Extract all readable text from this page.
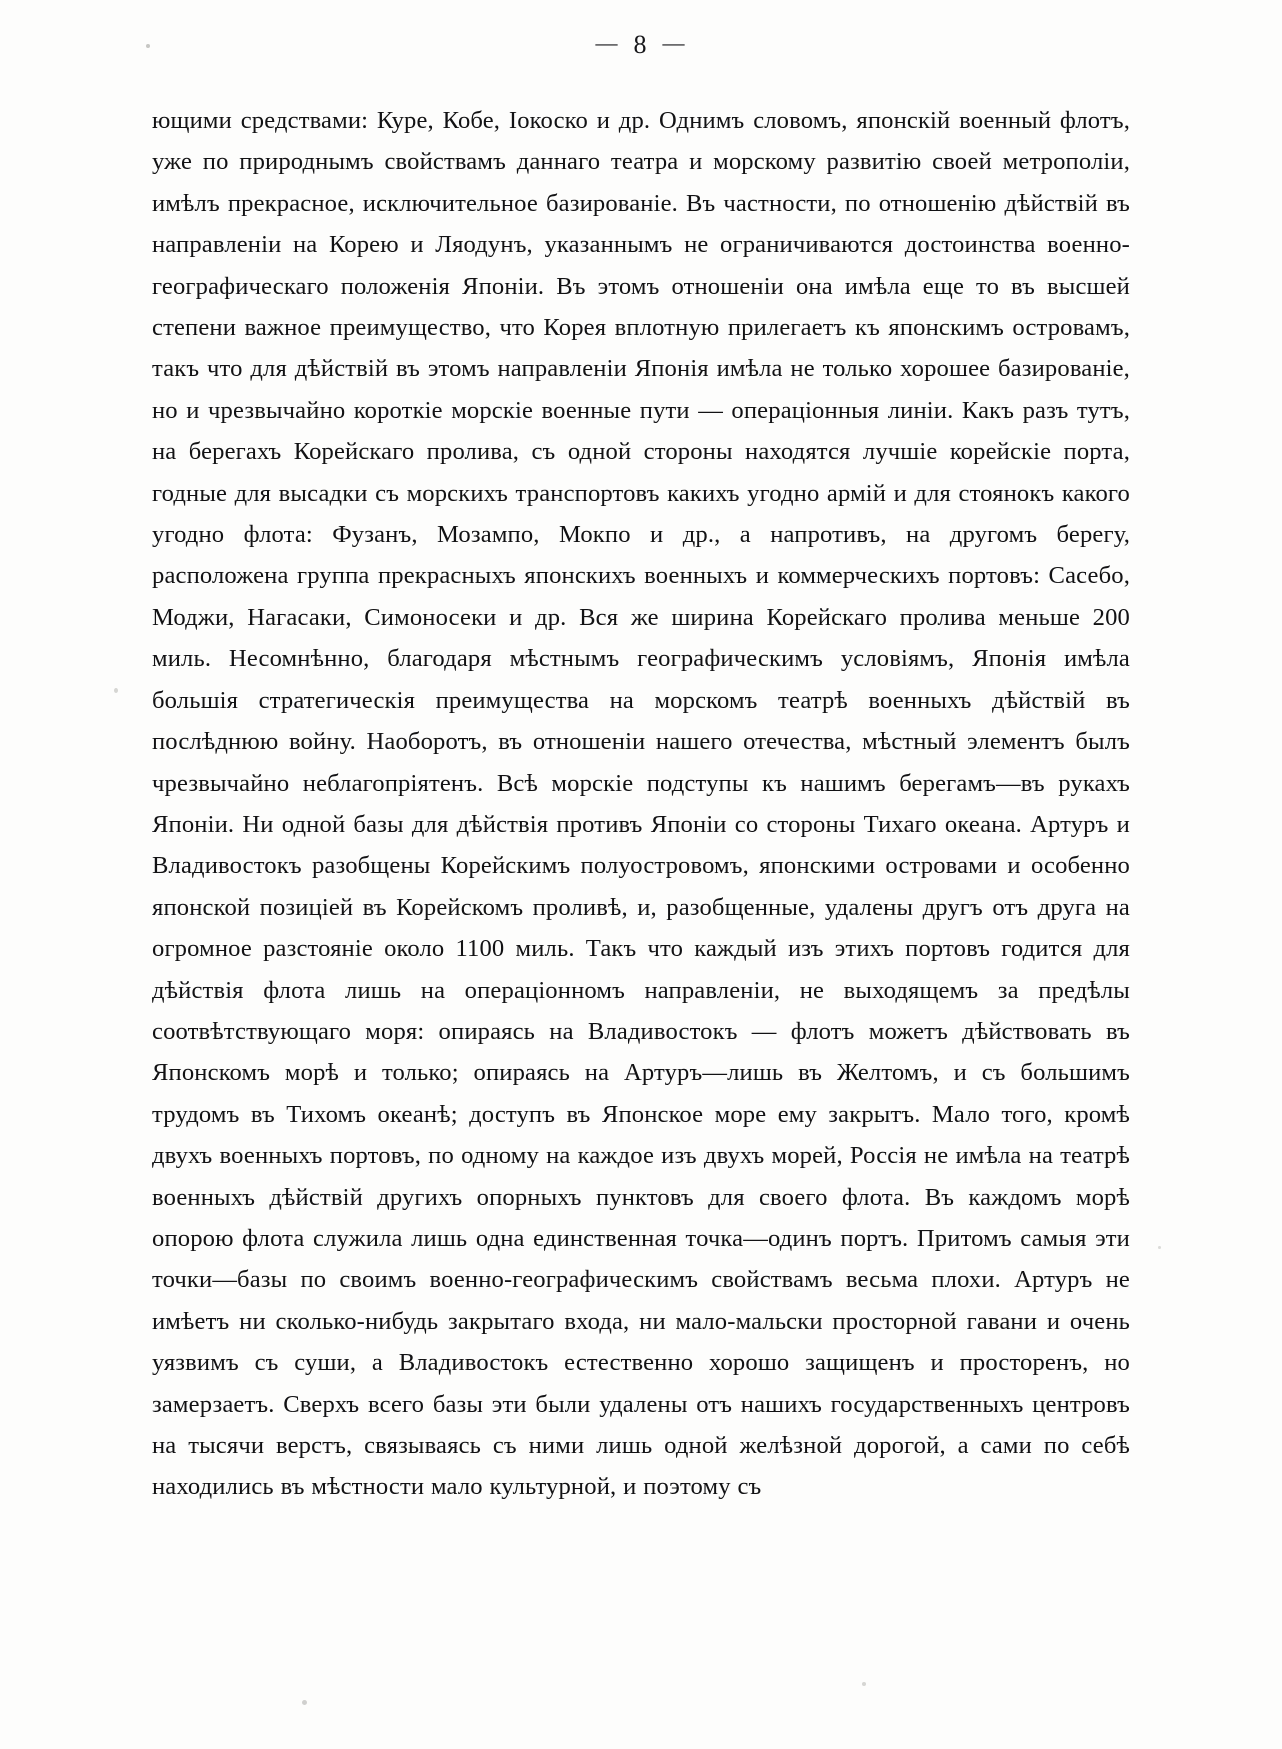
— 8 —

ющими средствами: Куре, Кобе, Іокоско и др. Однимъ словомъ, японскій военный флотъ, уже по природнымъ свойствамъ даннаго театра и морскому развитію своей метрополіи, имѣлъ прекрасное, исключительное базированіе. Въ частности, по отношенію дѣйствій въ направленіи на Корею и Ляодунъ, указаннымъ не ограничиваются достоинства военно-географическаго положенія Японіи. Въ этомъ отношеніи она имѣла еще то въ высшей степени важное преимущество, что Корея вплотную прилегаетъ къ японскимъ островамъ, такъ что для дѣйствій въ этомъ направленіи Японія имѣла не только хорошее базированіе, но и чрезвычайно короткіе морскіе военные пути — операціонныя линіи. Какъ разъ тутъ, на берегахъ Корейскаго пролива, съ одной стороны находятся лучшіе корейскіе порта, годные для высадки съ морскихъ транспортовъ какихъ угодно армій и для стоянокъ какого угодно флота: Фузанъ, Мозампо, Мокпо и др., а напротивъ, на другомъ берегу, расположена группа прекрасныхъ японскихъ военныхъ и коммерческихъ портовъ: Сасебо, Моджи, Нагасаки, Симоносеки и др. Вся же ширина Корейскаго пролива меньше 200 миль. Несомнѣнно, благодаря мѣстнымъ географическимъ условіямъ, Японія имѣла большія стратегическія преимущества на морскомъ театрѣ военныхъ дѣйствій въ послѣднюю войну. Наоборотъ, въ отношеніи нашего отечества, мѣстный элементъ былъ чрезвычайно неблагопріятенъ. Всѣ морскіе подступы къ нашимъ берегамъ—въ рукахъ Японіи. Ни одной базы для дѣйствія противъ Японіи со стороны Тихаго океана. Артуръ и Владивостокъ разобщены Корейскимъ полуостровомъ, японскими островами и особенно японской позиціей въ Корейскомъ проливѣ, и, разобщенные, удалены другъ отъ друга на огромное разстояніе около 1100 миль. Такъ что каждый изъ этихъ портовъ годится для дѣйствія флота лишь на операціонномъ направленіи, не выходящемъ за предѣлы соотвѣтствующаго моря: опираясь на Владивостокъ — флотъ можетъ дѣйствовать въ Японскомъ морѣ и только; опираясь на Артуръ—лишь въ Желтомъ, и съ большимъ трудомъ въ Тихомъ океанѣ; доступъ въ Японское море ему закрытъ. Мало того, кромѣ двухъ военныхъ портовъ, по одному на каждое изъ двухъ морей, Россія не имѣла на театрѣ военныхъ дѣйствій другихъ опорныхъ пунктовъ для своего флота. Въ каждомъ морѣ опорою флота служила лишь одна единственная точка—одинъ портъ. Притомъ самыя эти точки—базы по своимъ военно-географическимъ свойствамъ весьма плохи. Артуръ не имѣетъ ни сколько-нибудь закрытаго входа, ни мало-мальски просторной гавани и очень уязвимъ съ суши, а Владивостокъ естественно хорошо защищенъ и просторенъ, но замерзаетъ. Сверхъ всего базы эти были удалены отъ нашихъ государственныхъ центровъ на тысячи верстъ, связываясь съ ними лишь одной желѣзной дорогой, а сами по себѣ находились въ мѣстности мало культурной, и поэтому съ
